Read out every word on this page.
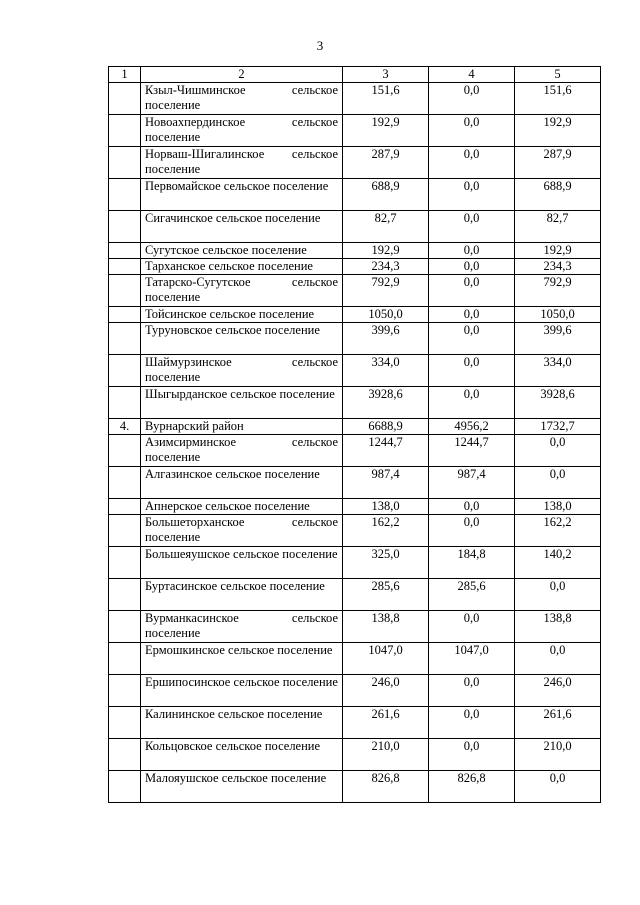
3
1	2	3	4	5

	Кзыл-Чишминское сельское поселение	151,6	0,0	151,6

	Новоахпердинское сельское поселение	192,9	0,0	192,9

	Норваш-Шигалинское сельское поселение	287,9	0,0	287,9

	Первомайское сельское поселение	688,9	0,0	688,9

	Сигачинское сельское поселение	82,7	0,0	82,7

	Сугутское сельское поселение	192,9	0,0	192,9

	Тарханское сельское поселение	234,3	0,0	234,3

	Татарско-Сугутское сельское поселение	792,9	0,0	792,9

	Тойсинское сельское поселение	1050,0	0,0	1050,0

	Туруновское сельское поселение	399,6	0,0	399,6

	Шаймурзинское сельское поселение	334,0	0,0	334,0

	Шыгырданское сельское поселение	3928,6	0,0	3928,6

4.	Вурнарский район	6688,9	4956,2	1732,7

	Азимсирминское сельское поселение	1244,7	1244,7	0,0

	Алгазинское сельское поселение	987,4	987,4	0,0

	Апнерское сельское поселение	138,0	0,0	138,0

	Большеторханское сельское поселение	162,2	0,0	162,2

	Большеяушское сельское поселение	325,0	184,8	140,2

	Буртасинское сельское поселение	285,6	285,6	0,0

	Вурманкасинское сельское поселение	138,8	0,0	138,8

	Ермошкинское сельское поселение	1047,0	1047,0	0,0

	Ершипосинское сельское поселение	246,0	0,0	246,0

	Калининское сельское поселение	261,6	0,0	261,6

	Кольцовское сельское поселение	210,0	0,0	210,0

	Малояушское сельское поселение	826,8	826,8	0,0
